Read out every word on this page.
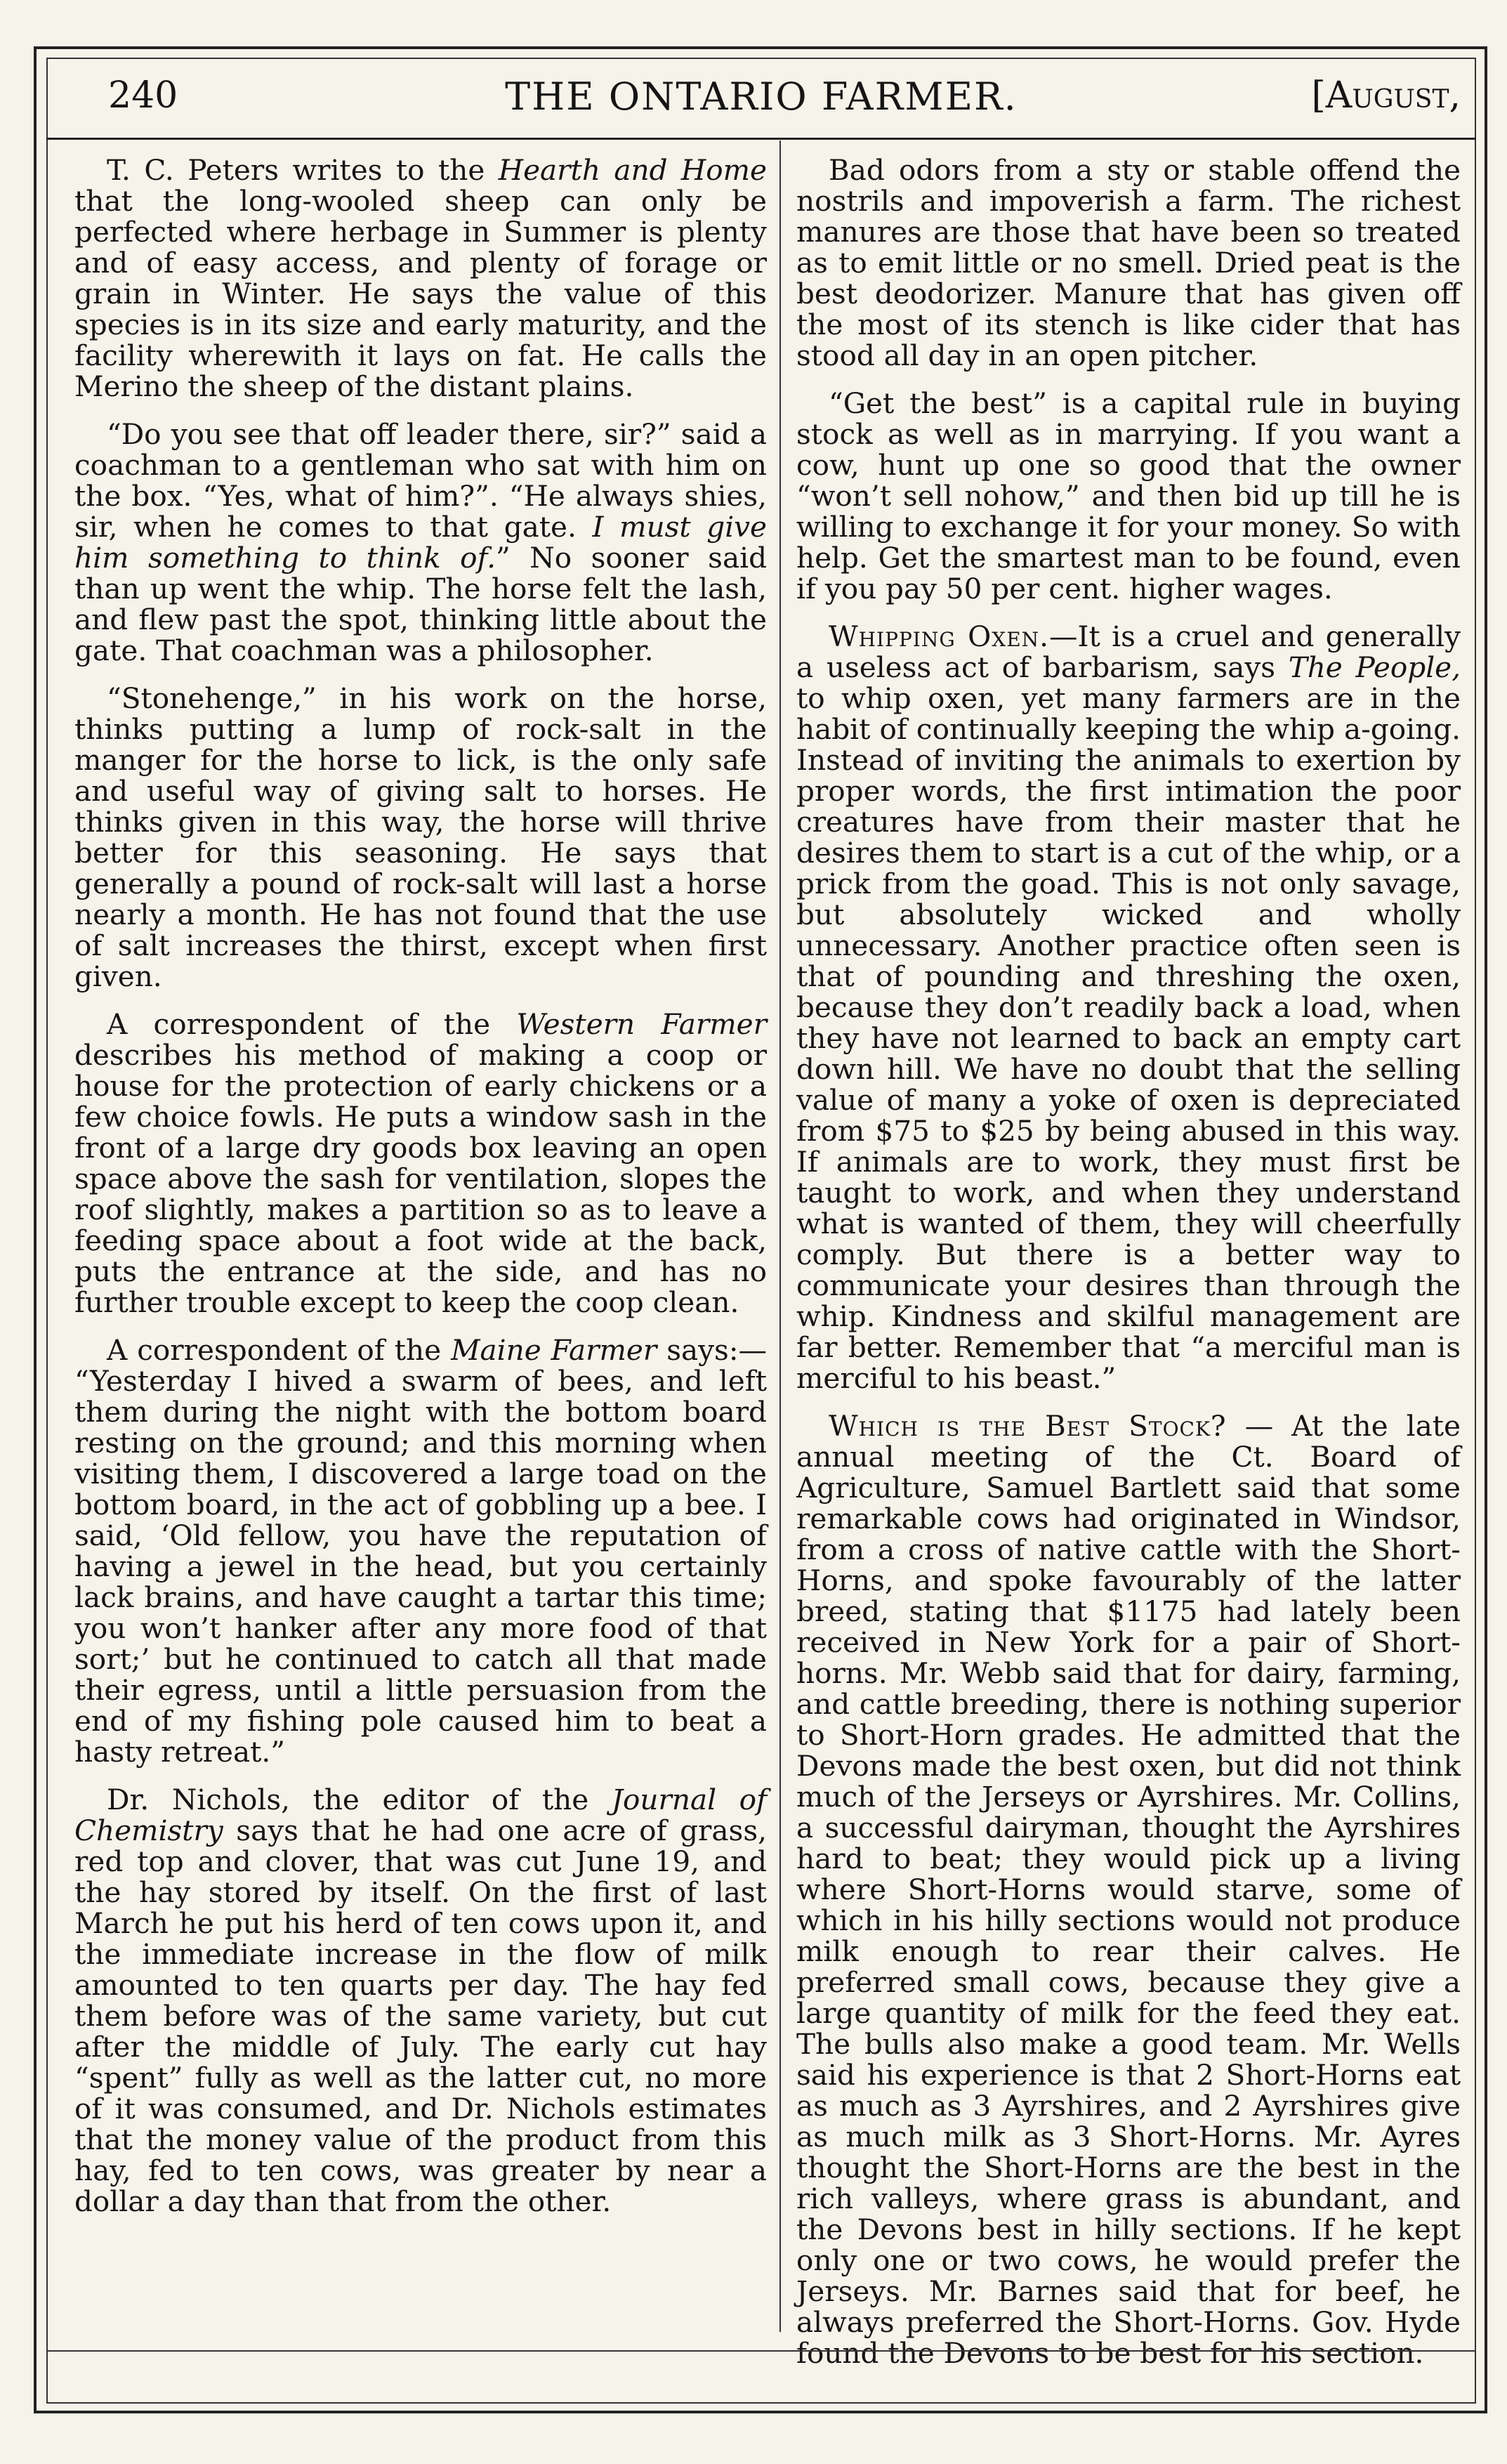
240	THE ONTARIO FARMER.	[August,

T. C. Peters writes to the Hearth and Home that the long-wooled sheep can only be perfected where herbage in Summer is plenty and of easy access, and plenty of forage or grain in Winter. He says the value of this species is in its size and early maturity, and the facility wherewith it lays on fat. He calls the Merino the sheep of the distant plains.

“Do you see that off leader there, sir?” said a coachman to a gentleman who sat with him on the box. “Yes, what of him?”. “He always shies, sir, when he comes to that gate. I must give him something to think of.” No sooner said than up went the whip. The horse felt the lash, and flew past the spot, thinking little about the gate. That coachman was a philosopher.

“Stonehenge,” in his work on the horse, thinks putting a lump of rock-salt in the manger for the horse to lick, is the only safe and useful way of giving salt to horses. He thinks given in this way, the horse will thrive better for this seasoning. He says that generally a pound of rock-salt will last a horse nearly a month. He has not found that the use of salt increases the thirst, except when first given.

A correspondent of the Western Farmer describes his method of making a coop or house for the protection of early chickens or a few choice fowls. He puts a window sash in the front of a large dry goods box leaving an open space above the sash for ventilation, slopes the roof slightly, makes a partition so as to leave a feeding space about a foot wide at the back, puts the entrance at the side, and has no further trouble except to keep the coop clean.

A correspondent of the Maine Farmer says:— “Yesterday I hived a swarm of bees, and left them during the night with the bottom board resting on the ground; and this morning when visiting them, I discovered a large toad on the bottom board, in the act of gobbling up a bee. I said, ‘Old fellow, you have the reputation of having a jewel in the head, but you certainly lack brains, and have caught a tartar this time; you won’t hanker after any more food of that sort;’ but he continued to catch all that made their egress, until a little persuasion from the end of my fishing pole caused him to beat a hasty retreat.”

Dr. Nichols, the editor of the Journal of Chemistry says that he had one acre of grass, red top and clover, that was cut June 19, and the hay stored by itself. On the first of last March he put his herd of ten cows upon it, and the immediate increase in the flow of milk amounted to ten quarts per day. The hay fed them before was of the same variety, but cut after the middle of July. The early cut hay “spent” fully as well as the latter cut, no more of it was consumed, and Dr. Nichols estimates that the money value of the product from this hay, fed to ten cows, was greater by near a dollar a day than that from the other.

Bad odors from a sty or stable offend the nostrils and impoverish a farm. The richest manures are those that have been so treated as to emit little or no smell. Dried peat is the best deodorizer. Manure that has given off the most of its stench is like cider that has stood all day in an open pitcher.

“Get the best” is a capital rule in buying stock as well as in marrying. If you want a cow, hunt up one so good that the owner “won’t sell nohow,” and then bid up till he is willing to exchange it for your money. So with help. Get the smartest man to be found, even if you pay 50 per cent. higher wages.

Whipping Oxen.—It is a cruel and generally a useless act of barbarism, says The People, to whip oxen, yet many farmers are in the habit of continually keeping the whip a-going. Instead of inviting the animals to exertion by proper words, the first intimation the poor creatures have from their master that he desires them to start is a cut of the whip, or a prick from the goad. This is not only savage, but absolutely wicked and wholly unnecessary. Another practice often seen is that of pounding and threshing the oxen, because they don’t readily back a load, when they have not learned to back an empty cart down hill. We have no doubt that the selling value of many a yoke of oxen is depreciated from $75 to $25 by being abused in this way. If animals are to work, they must first be taught to work, and when they understand what is wanted of them, they will cheerfully comply. But there is a better way to communicate your desires than through the whip. Kindness and skilful management are far better. Remember that “a merciful man is merciful to his beast.”

Which is the Best Stock? — At the late annual meeting of the Ct. Board of Agriculture, Samuel Bartlett said that some remarkable cows had originated in Windsor, from a cross of native cattle with the Short-Horns, and spoke favourably of the latter breed, stating that $1175 had lately been received in New York for a pair of Short-horns. Mr. Webb said that for dairy, farming, and cattle breeding, there is nothing superior to Short-Horn grades. He admitted that the Devons made the best oxen, but did not think much of the Jerseys or Ayrshires. Mr. Collins, a successful dairyman, thought the Ayrshires hard to beat; they would pick up a living where Short-Horns would starve, some of which in his hilly sections would not produce milk enough to rear their calves. He preferred small cows, because they give a large quantity of milk for the feed they eat. The bulls also make a good team. Mr. Wells said his experience is that 2 Short-Horns eat as much as 3 Ayrshires, and 2 Ayrshires give as much milk as 3 Short-Horns. Mr. Ayres thought the Short-Horns are the best in the rich valleys, where grass is abundant, and the Devons best in hilly sections. If he kept only one or two cows, he would prefer the Jerseys. Mr. Barnes said that for beef, he always preferred the Short-Horns. Gov. Hyde found the Devons to be best for his section.
